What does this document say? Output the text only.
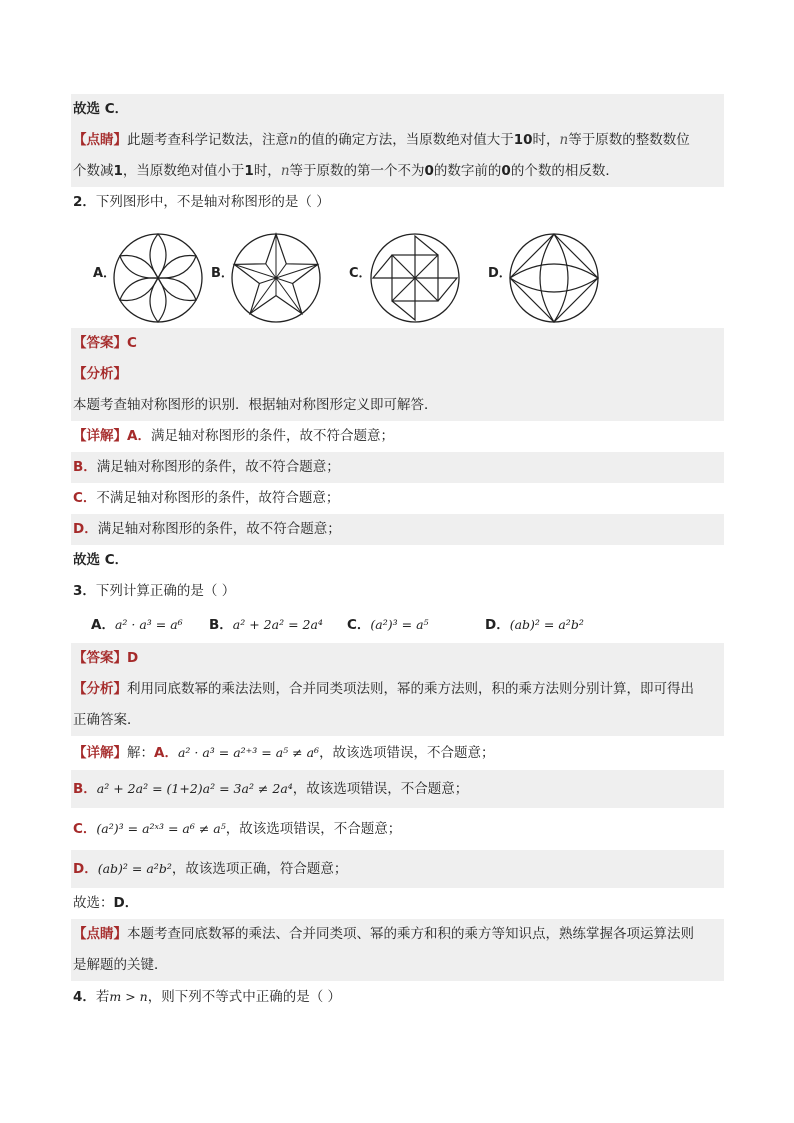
故选 C．
【点睛】此题考查科学记数法，注意n的值的确定方法，当原数绝对值大于10时，n等于原数的整数数位
个数减1，当原数绝对值小于1时，n等于原数的第一个不为0的数字前的0的个数的相反数．
2．下列图形中，不是轴对称图形的是（ ）
A．	B．	C．	D．
【答案】C
【分析】
本题考查轴对称图形的识别．根据轴对称图形定义即可解答．
【详解】A．满足轴对称图形的条件，故不符合题意；
B．满足轴对称图形的条件，故不符合题意；
C．不满足轴对称图形的条件，故符合题意；
D．满足轴对称图形的条件，故不符合题意；
故选 C．
3．下列计算正确的是（ ）
A．a² · a³ = a⁶ B．a² + 2a² = 2a⁴ C．(a²)³ = a⁵	D．(ab)² = a²b²
【答案】D
【分析】利用同底数幂的乘法法则，合并同类项法则，幂的乘方法则，积的乘方法则分别计算，即可得出
正确答案．
【详解】解：A．a² · a³ = a²⁺³ = a⁵ ≠ a⁶，故该选项错误，不合题意；
B．a² + 2a² = (1+2)a² = 3a² ≠ 2a⁴，故该选项错误，不合题意；
C．(a²)³ = a²ˣ³ = a⁶ ≠ a⁵，故该选项错误，不合题意；
D．(ab)² = a²b²，故该选项正确，符合题意；
故选：D．
【点睛】本题考查同底数幂的乘法、合并同类项、幂的乘方和积的乘方等知识点，熟练掌握各项运算法则
是解题的关键．
4．若m > n，则下列不等式中正确的是（ ）
